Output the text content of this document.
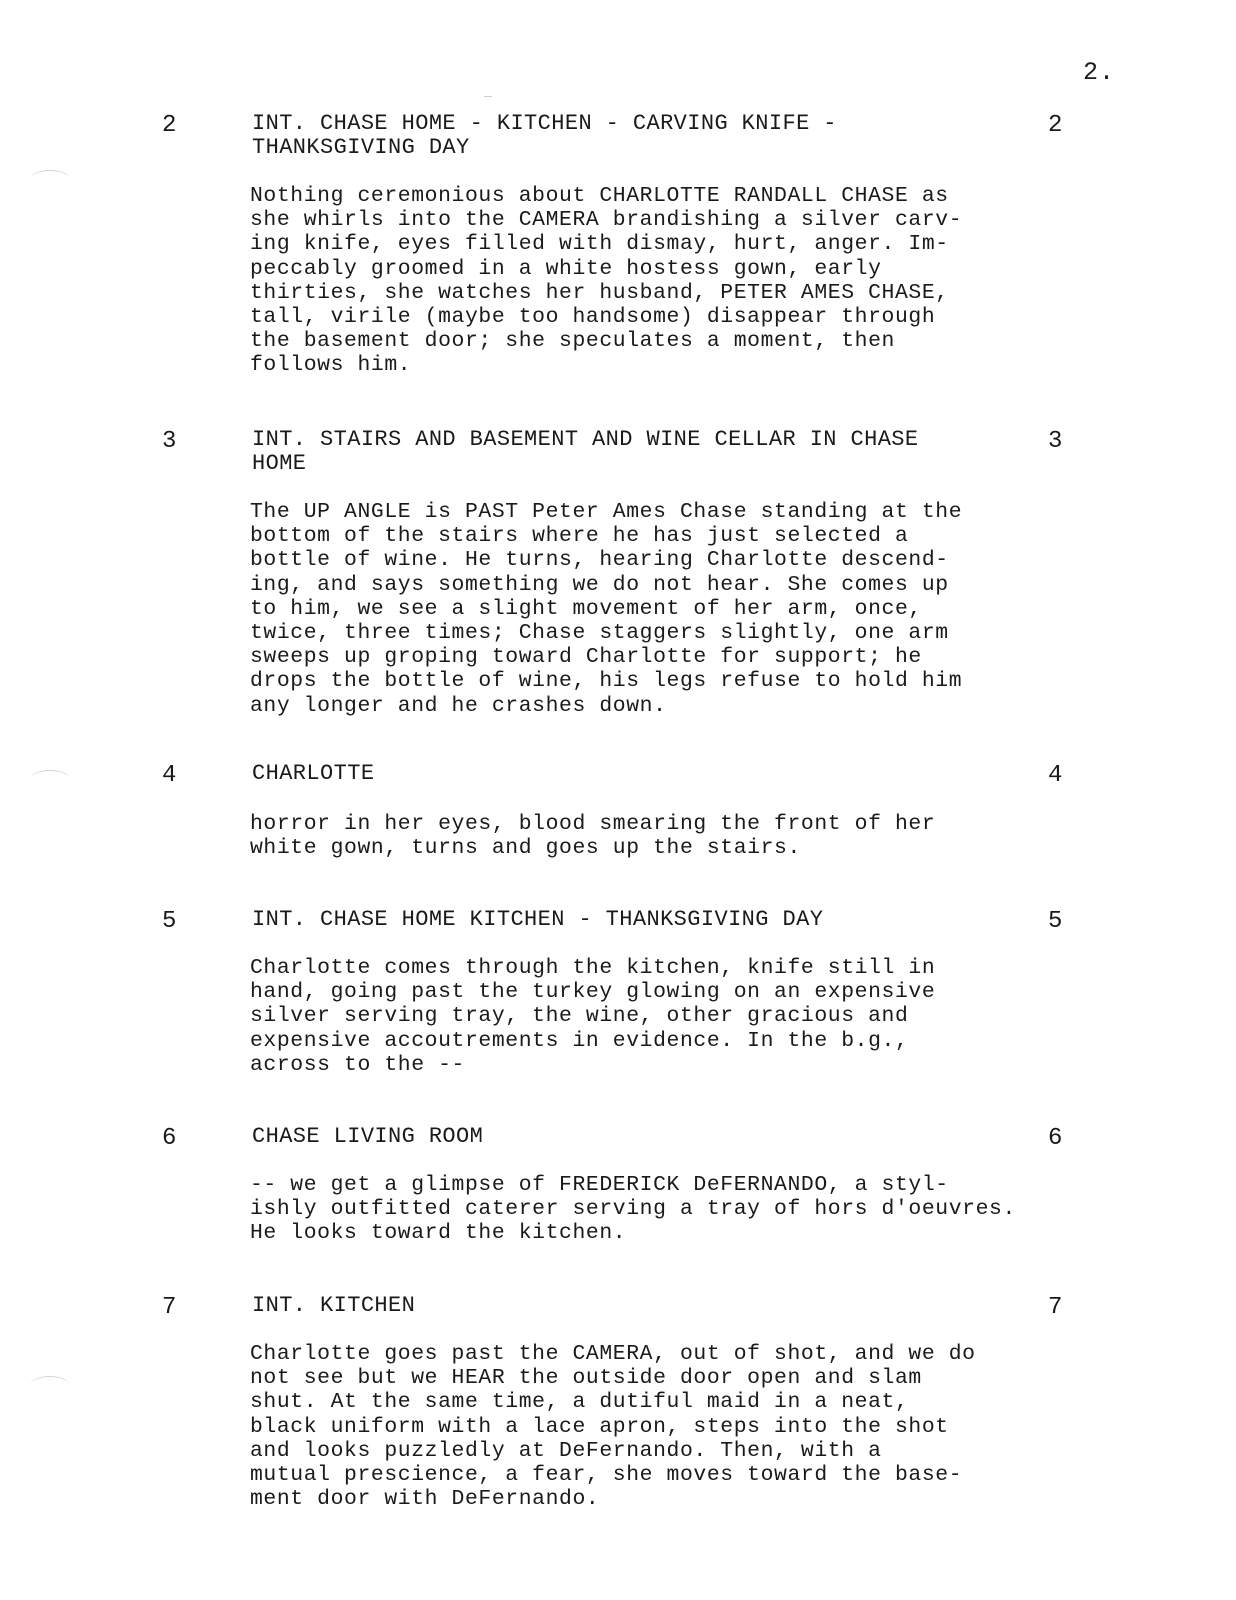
2.
2	INT. CHASE HOME - KITCHEN - CARVING KNIFE -
THANKSGIVING DAY
2
Nothing ceremonious about CHARLOTTE RANDALL CHASE as
she whirls into the CAMERA brandishing a silver carv-
ing knife, eyes filled with dismay, hurt, anger. Im-
peccably groomed in a white hostess gown, early
thirties, she watches her husband, PETER AMES CHASE,
tall, virile (maybe too handsome) disappear through
the basement door; she speculates a moment, then
follows him.
3	INT. STAIRS AND BASEMENT AND WINE CELLAR IN CHASE
HOME
3
The UP ANGLE is PAST Peter Ames Chase standing at the
bottom of the stairs where he has just selected a
bottle of wine. He turns, hearing Charlotte descend-
ing, and says something we do not hear. She comes up
to him, we see a slight movement of her arm, once,
twice, three times; Chase staggers slightly, one arm
sweeps up groping toward Charlotte for support; he
drops the bottle of wine, his legs refuse to hold him
any longer and he crashes down.
4	CHARLOTTE	4
horror in her eyes, blood smearing the front of her
white gown, turns and goes up the stairs.
5	INT. CHASE HOME KITCHEN - THANKSGIVING DAY	5
Charlotte comes through the kitchen, knife still in
hand, going past the turkey glowing on an expensive
silver serving tray, the wine, other gracious and
expensive accoutrements in evidence. In the b.g.,
across to the --
6	CHASE LIVING ROOM	6
-- we get a glimpse of FREDERICK DeFERNANDO, a styl-
ishly outfitted caterer serving a tray of hors d'oeuvres.
He looks toward the kitchen.
7	INT. KITCHEN	7
Charlotte goes past the CAMERA, out of shot, and we do
not see but we HEAR the outside door open and slam
shut. At the same time, a dutiful maid in a neat,
black uniform with a lace apron, steps into the shot
and looks puzzledly at DeFernando. Then, with a
mutual prescience, a fear, she moves toward the base-
ment door with DeFernando.
